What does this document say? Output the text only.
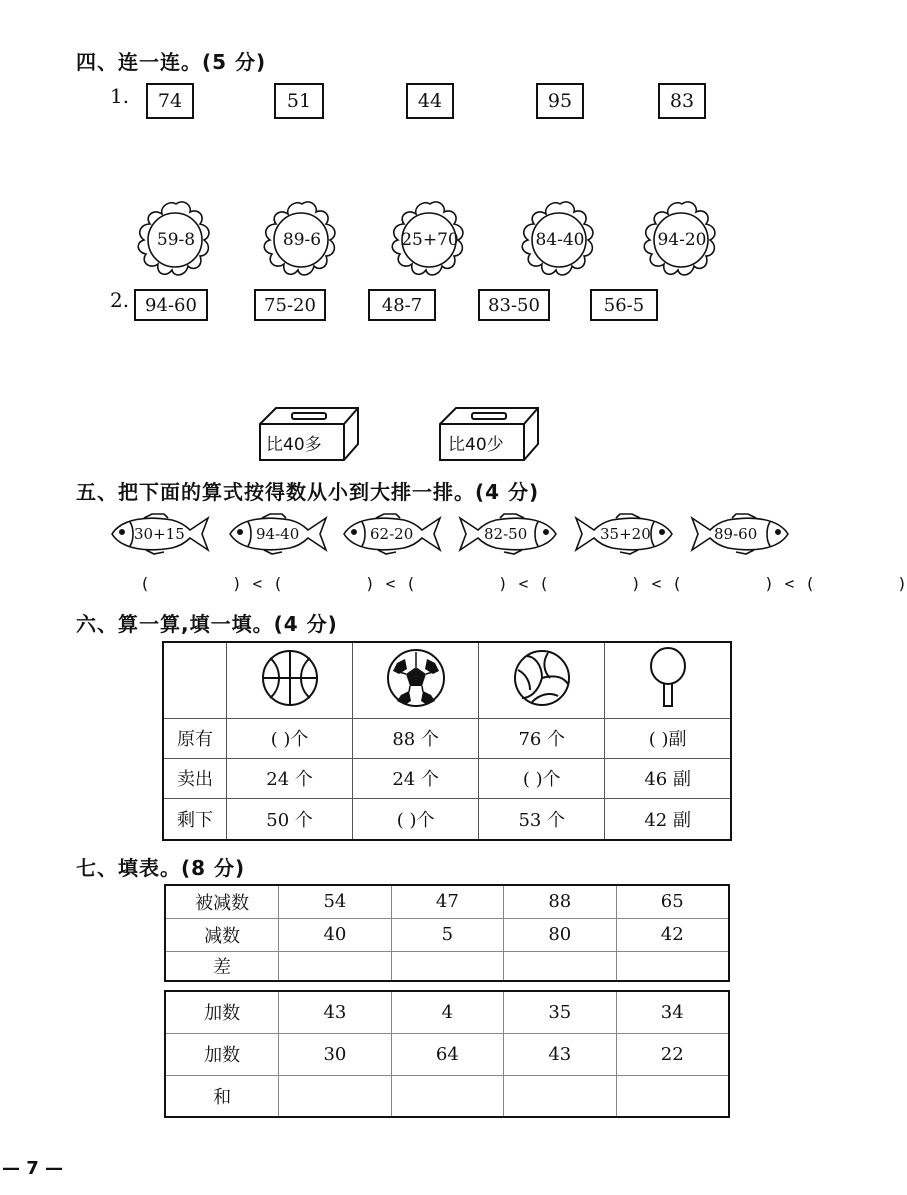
四、连一连。(5 分)
1.	74	51	44	95	83
59-8	89-6	25+70	84-40	94-20
2. 94-60	75-20	48-7	83-50	56-5
比40多	比40少
五、把下面的算式按得数从小到大排一排。(4 分)
30+15	94-40	62-20	82-50	35+20	89-60
(        ) < (        ) < (        ) < (        ) < (        ) < (        )
六、算一算,填一填。(4 分)

原有	( )个	88 个	76 个	( )副
卖出	24 个	24 个	( )个	46 副
剩下	50 个	( )个	53 个	42 副
七、填表。(8 分)
被减数	54	47	88	65
减数	40	5	80	42
差				
加数	43	4	35	34
加数	30	64	43	22
和				
— 7 —
